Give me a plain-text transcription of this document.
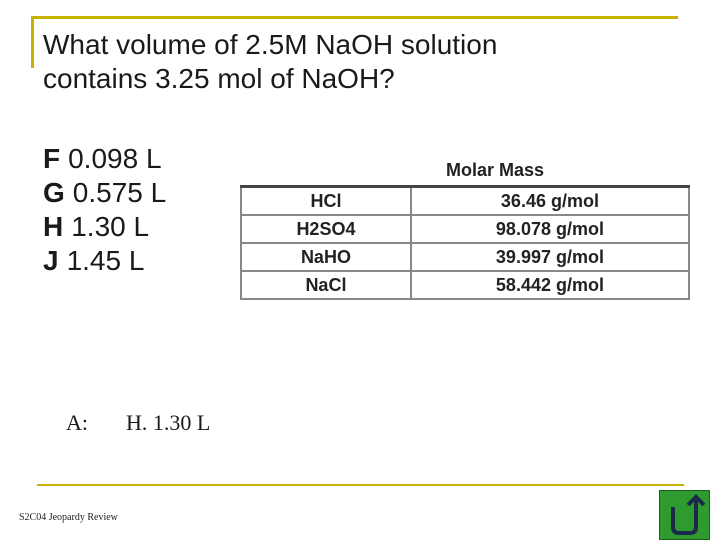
What volume of 2.5M NaOH solution
contains 3.25 mol of NaOH?
F 0.098 L
G 0.575 L
H 1.30 L
J 1.45 L
Molar Mass
HCl	36.46 g/mol
H2SO4	98.078 g/mol
NaHO	39.997 g/mol
NaCl	58.442 g/mol
A: H. 1.30 L
S2C04 Jeopardy Review
